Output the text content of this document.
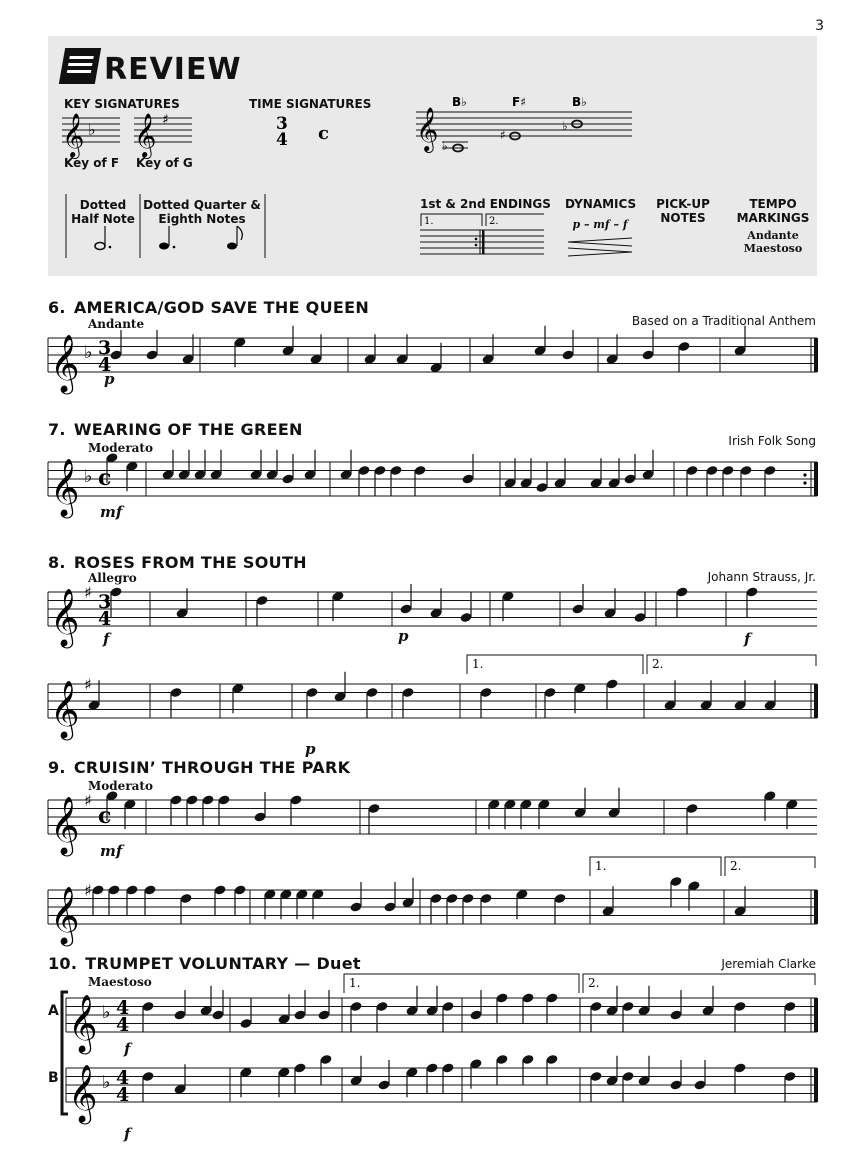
3
REVIEW
KEY SIGNATURES	TIME SIGNATURES
Key of F Key of G
𝄞 𝄞
♭	♯	3
4 c
B♭	F♯	B♭
𝄞 ♭
♯
♭
Dotted Half Note
Dotted Quarter & Eighth Notes
1st & 2nd ENDINGS
1.	2.
DYNAMICS
p – mf – f
PICK-UP NOTES
TEMPO MARKINGS
Andante
Maestoso
6. AMERICA/GOD SAVE THE QUEEN
Based on a Traditional Anthem
Andante
7. WEARING OF THE GREEN
Irish Folk Song
Moderato
8. ROSES FROM THE SOUTH
Johann Strauss, Jr.
Allegro
9. CRUISIN’ THROUGH THE PARK
Moderato
10. TRUMPET VOLUNTARY — Duet	Jeremiah Clarke
Maestoso
𝄞 ♭ 3
4
𝄞 ♭ c
𝄞 ♯ 3
4
𝄞 ♯
𝄞 ♯
c
𝄞 ♯
𝄞 ♭ 4
4
𝄞 ♭ 4
4
p
mf
f	p	f
p
mf
f
f
1.	2.
1.	2.
1.	2.
A
B
